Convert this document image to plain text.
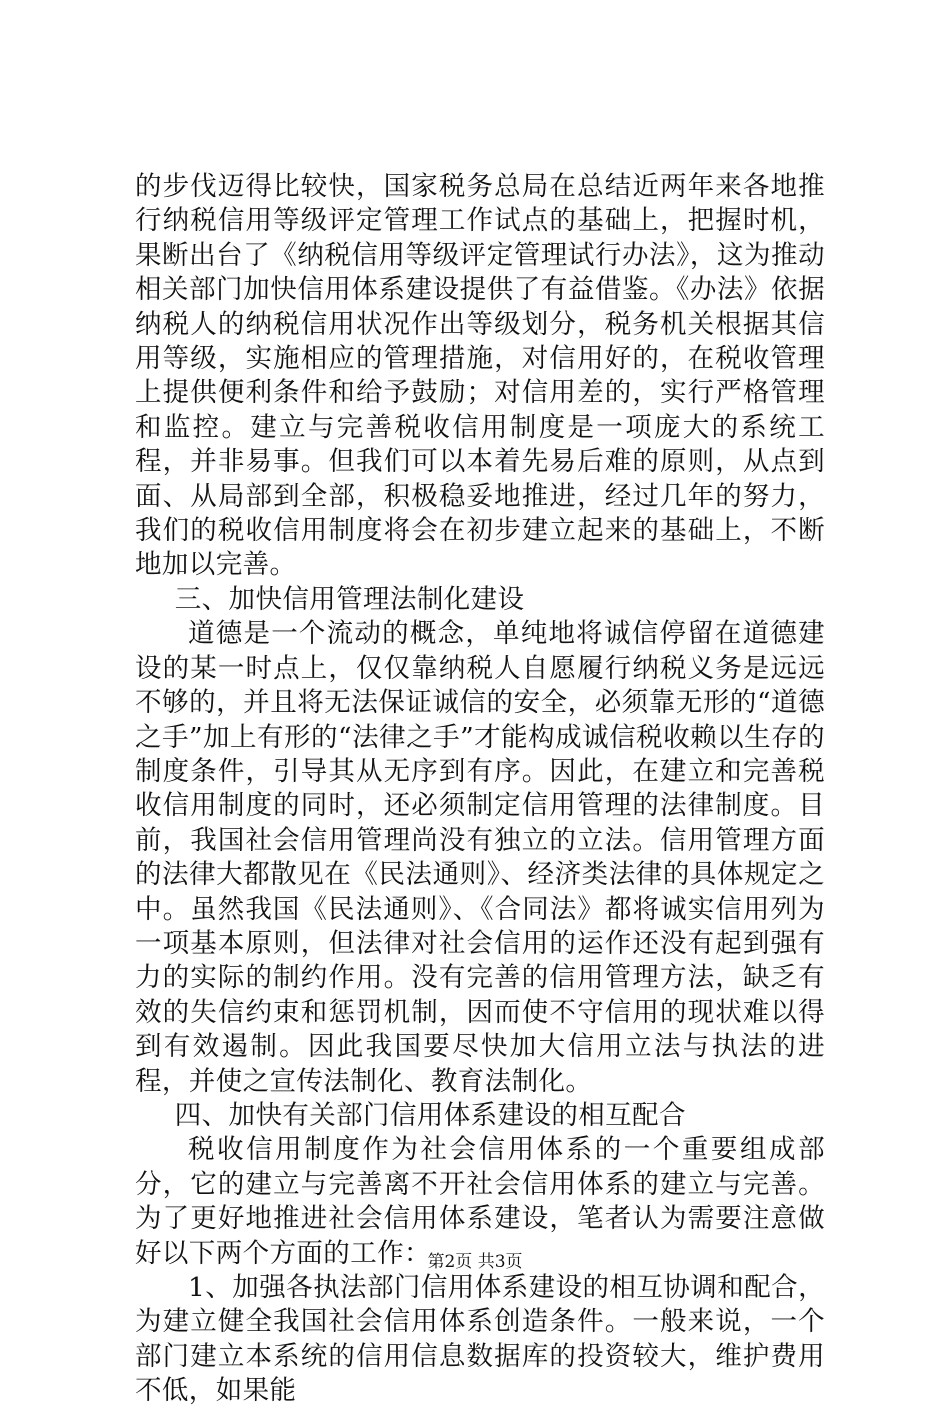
的步伐迈得比较快，国家税务总局在总结近两年来各地推行纳税信用等级评定管理工作试点的基础上，把握时机，果断出台了《纳税信用等级评定管理试行办法》，这为推动相关部门加快信用体系建设提供了有益借鉴。《办法》依据纳税人的纳税信用状况作出等级划分，税务机关根据其信用等级，实施相应的管理措施，对信用好的，在税收管理上提供便利条件和给予鼓励；对信用差的，实行严格管理和监控。建立与完善税收信用制度是一项庞大的系统工程，并非易事。但我们可以本着先易后难的原则，从点到面、从局部到全部，积极稳妥地推进，经过几年的努力，我们的税收信用制度将会在初步建立起来的基础上，不断地加以完善。

三、加快信用管理法制化建设

道德是一个流动的概念，单纯地将诚信停留在道德建设的某一时点上，仅仅靠纳税人自愿履行纳税义务是远远不够的，并且将无法保证诚信的安全，必须靠无形的“道德之手”加上有形的“法律之手”才能构成诚信税收赖以生存的制度条件，引导其从无序到有序。因此，在建立和完善税收信用制度的同时，还必须制定信用管理的法律制度。目前，我国社会信用管理尚没有独立的立法。信用管理方面的法律大都散见在《民法通则》、经济类法律的具体规定之中。虽然我国《民法通则》、《合同法》都将诚实信用列为一项基本原则，但法律对社会信用的运作还没有起到强有力的实际的制约作用。没有完善的信用管理方法，缺乏有效的失信约束和惩罚机制，因而使不守信用的现状难以得到有效遏制。因此我国要尽快加大信用立法与执法的进程，并使之宣传法制化、教育法制化。

四、加快有关部门信用体系建设的相互配合

税收信用制度作为社会信用体系的一个重要组成部分，它的建立与完善离不开社会信用体系的建立与完善。为了更好地推进社会信用体系建设，笔者认为需要注意做好以下两个方面的工作：

1、加强各执法部门信用体系建设的相互协调和配合，为建立健全我国社会信用体系创造条件。一般来说，一个部门建立本系统的信用信息数据库的投资较大，维护费用不低，如果能

第2页 共3页
